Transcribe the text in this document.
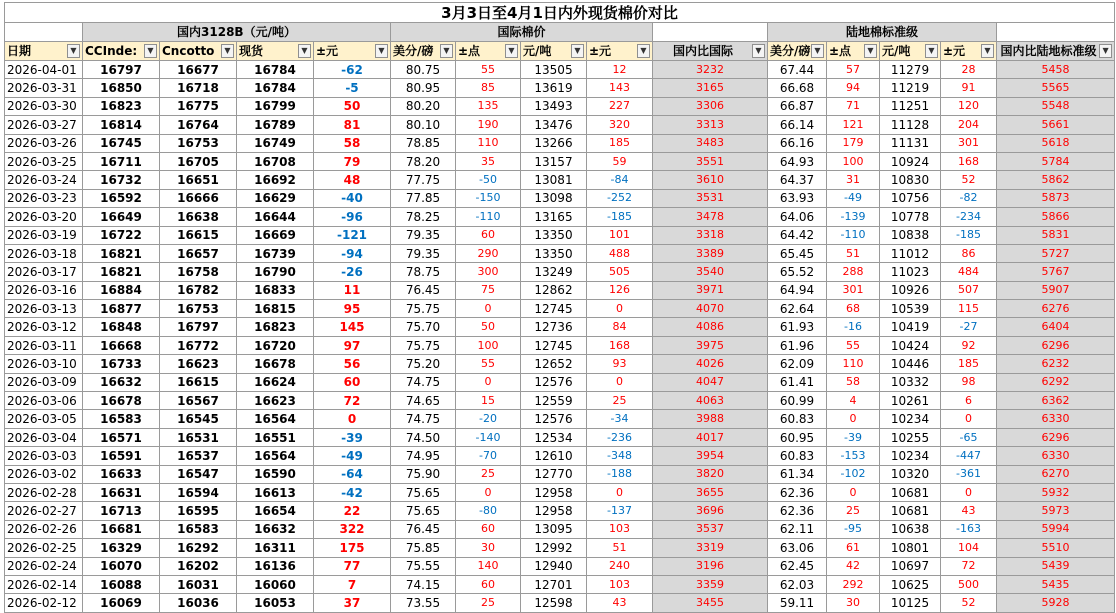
3月3日至4月1日内外现货棉价对比														
	国内3128B（元/吨）				国际棉价					陆地棉标准级				
日期 ▼	CCInde: ▼	Cncotto ▼	现货 ▼	±元 ▼	美分/磅 ▼	±点 ▼	元/吨 ▼	±元 ▼	国内比国际 ▼	美分/磅 ▼	±点 ▼	元/吨 ▼	±元 ▼	国内比陆地标准级 ▼

2026-04-01	16797	16677	16784	-62	80.75	55	13505	12	3232	67.44	57	11279	28	5458
2026-03-31	16850	16718	16784	-5	80.95	85	13619	143	3165	66.68	94	11219	91	5565
2026-03-30	16823	16775	16799	50	80.20	135	13493	227	3306	66.87	71	11251	120	5548
2026-03-27	16814	16764	16789	81	80.10	190	13476	320	3313	66.14	121	11128	204	5661
2026-03-26	16745	16753	16749	58	78.85	110	13266	185	3483	66.16	179	11131	301	5618
2026-03-25	16711	16705	16708	79	78.20	35	13157	59	3551	64.93	100	10924	168	5784
2026-03-24	16732	16651	16692	48	77.75	-50	13081	-84	3610	64.37	31	10830	52	5862
2026-03-23	16592	16666	16629	-40	77.85	-150	13098	-252	3531	63.93	-49	10756	-82	5873
2026-03-20	16649	16638	16644	-96	78.25	-110	13165	-185	3478	64.06	-139	10778	-234	5866
2026-03-19	16722	16615	16669	-121	79.35	60	13350	101	3318	64.42	-110	10838	-185	5831
2026-03-18	16821	16657	16739	-94	79.35	290	13350	488	3389	65.45	51	11012	86	5727
2026-03-17	16821	16758	16790	-26	78.75	300	13249	505	3540	65.52	288	11023	484	5767
2026-03-16	16884	16782	16833	11	76.45	75	12862	126	3971	64.94	301	10926	507	5907
2026-03-13	16877	16753	16815	95	75.75	0	12745	0	4070	62.64	68	10539	115	6276
2026-03-12	16848	16797	16823	145	75.70	50	12736	84	4086	61.93	-16	10419	-27	6404
2026-03-11	16668	16772	16720	97	75.75	100	12745	168	3975	61.96	55	10424	92	6296
2026-03-10	16733	16623	16678	56	75.20	55	12652	93	4026	62.09	110	10446	185	6232
2026-03-09	16632	16615	16624	60	74.75	0	12576	0	4047	61.41	58	10332	98	6292
2026-03-06	16678	16567	16623	72	74.65	15	12559	25	4063	60.99	4	10261	6	6362
2026-03-05	16583	16545	16564	0	74.75	-20	12576	-34	3988	60.83	0	10234	0	6330
2026-03-04	16571	16531	16551	-39	74.50	-140	12534	-236	4017	60.95	-39	10255	-65	6296
2026-03-03	16591	16537	16564	-49	74.95	-70	12610	-348	3954	60.83	-153	10234	-447	6330
2026-03-02	16633	16547	16590	-64	75.90	25	12770	-188	3820	61.34	-102	10320	-361	6270
2026-02-28	16631	16594	16613	-42	75.65	0	12958	0	3655	62.36	0	10681	0	5932
2026-02-27	16713	16595	16654	22	75.65	-80	12958	-137	3696	62.36	25	10681	43	5973
2026-02-26	16681	16583	16632	322	76.45	60	13095	103	3537	62.11	-95	10638	-163	5994
2026-02-25	16329	16292	16311	175	75.85	30	12992	51	3319	63.06	61	10801	104	5510
2026-02-24	16070	16202	16136	77	75.55	140	12940	240	3196	62.45	42	10697	72	5439
2026-02-14	16088	16031	16060	7	74.15	60	12701	103	3359	62.03	292	10625	500	5435
2026-02-12	16069	16036	16053	37	73.55	25	12598	43	3455	59.11	30	10125	52	5928
